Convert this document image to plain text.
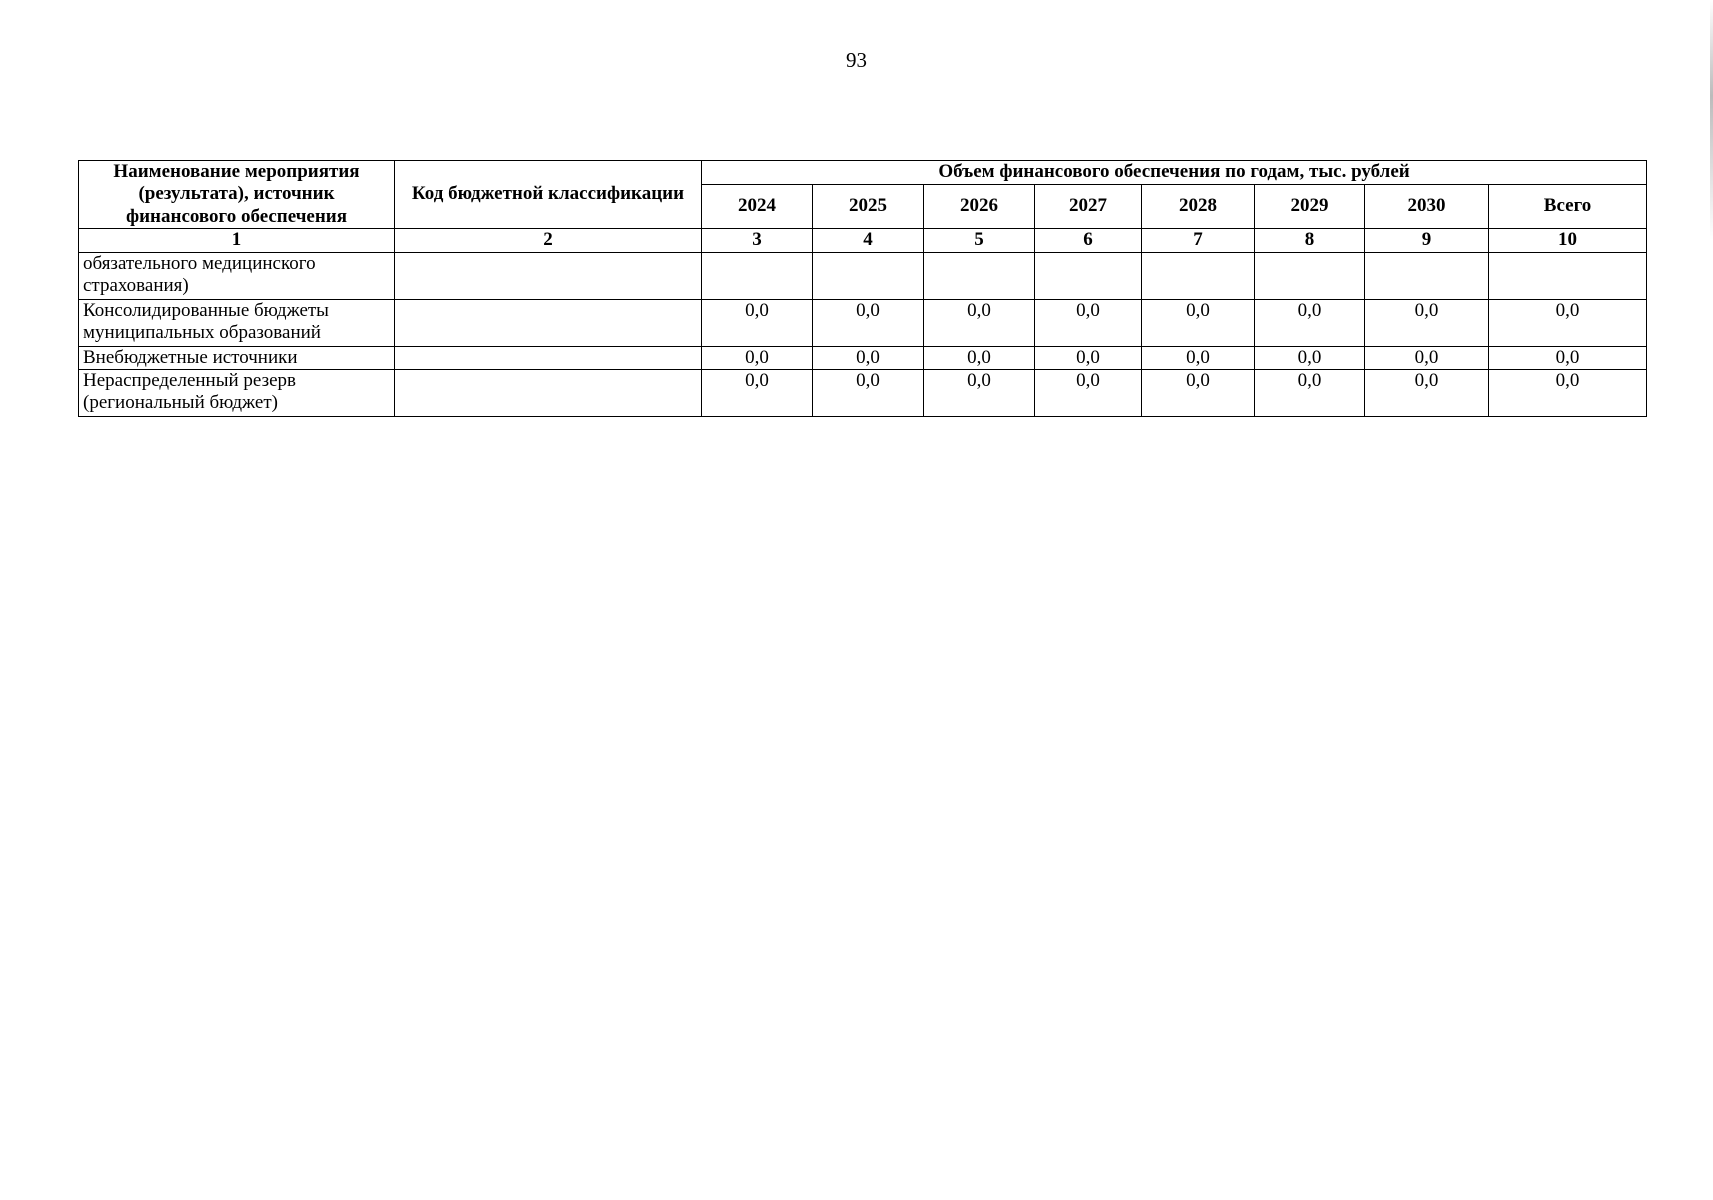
93
Наименование мероприятия (результата), источник финансового обеспечения	Код бюджетной классификации	Объем финансового обеспечения по годам, тыс. рублей							
		2024	2025	2026	2027	2028	2029	2030	Всего
1	2	3	4	5	6	7	8	9	10
обязательного медицинского страхования)									
Консолидированные бюджеты муниципальных образований		0,0	0,0	0,0	0,0	0,0	0,0	0,0	0,0
Внебюджетные источники		0,0	0,0	0,0	0,0	0,0	0,0	0,0	0,0
Нераспределенный резерв (региональный бюджет)		0,0	0,0	0,0	0,0	0,0	0,0	0,0	0,0
